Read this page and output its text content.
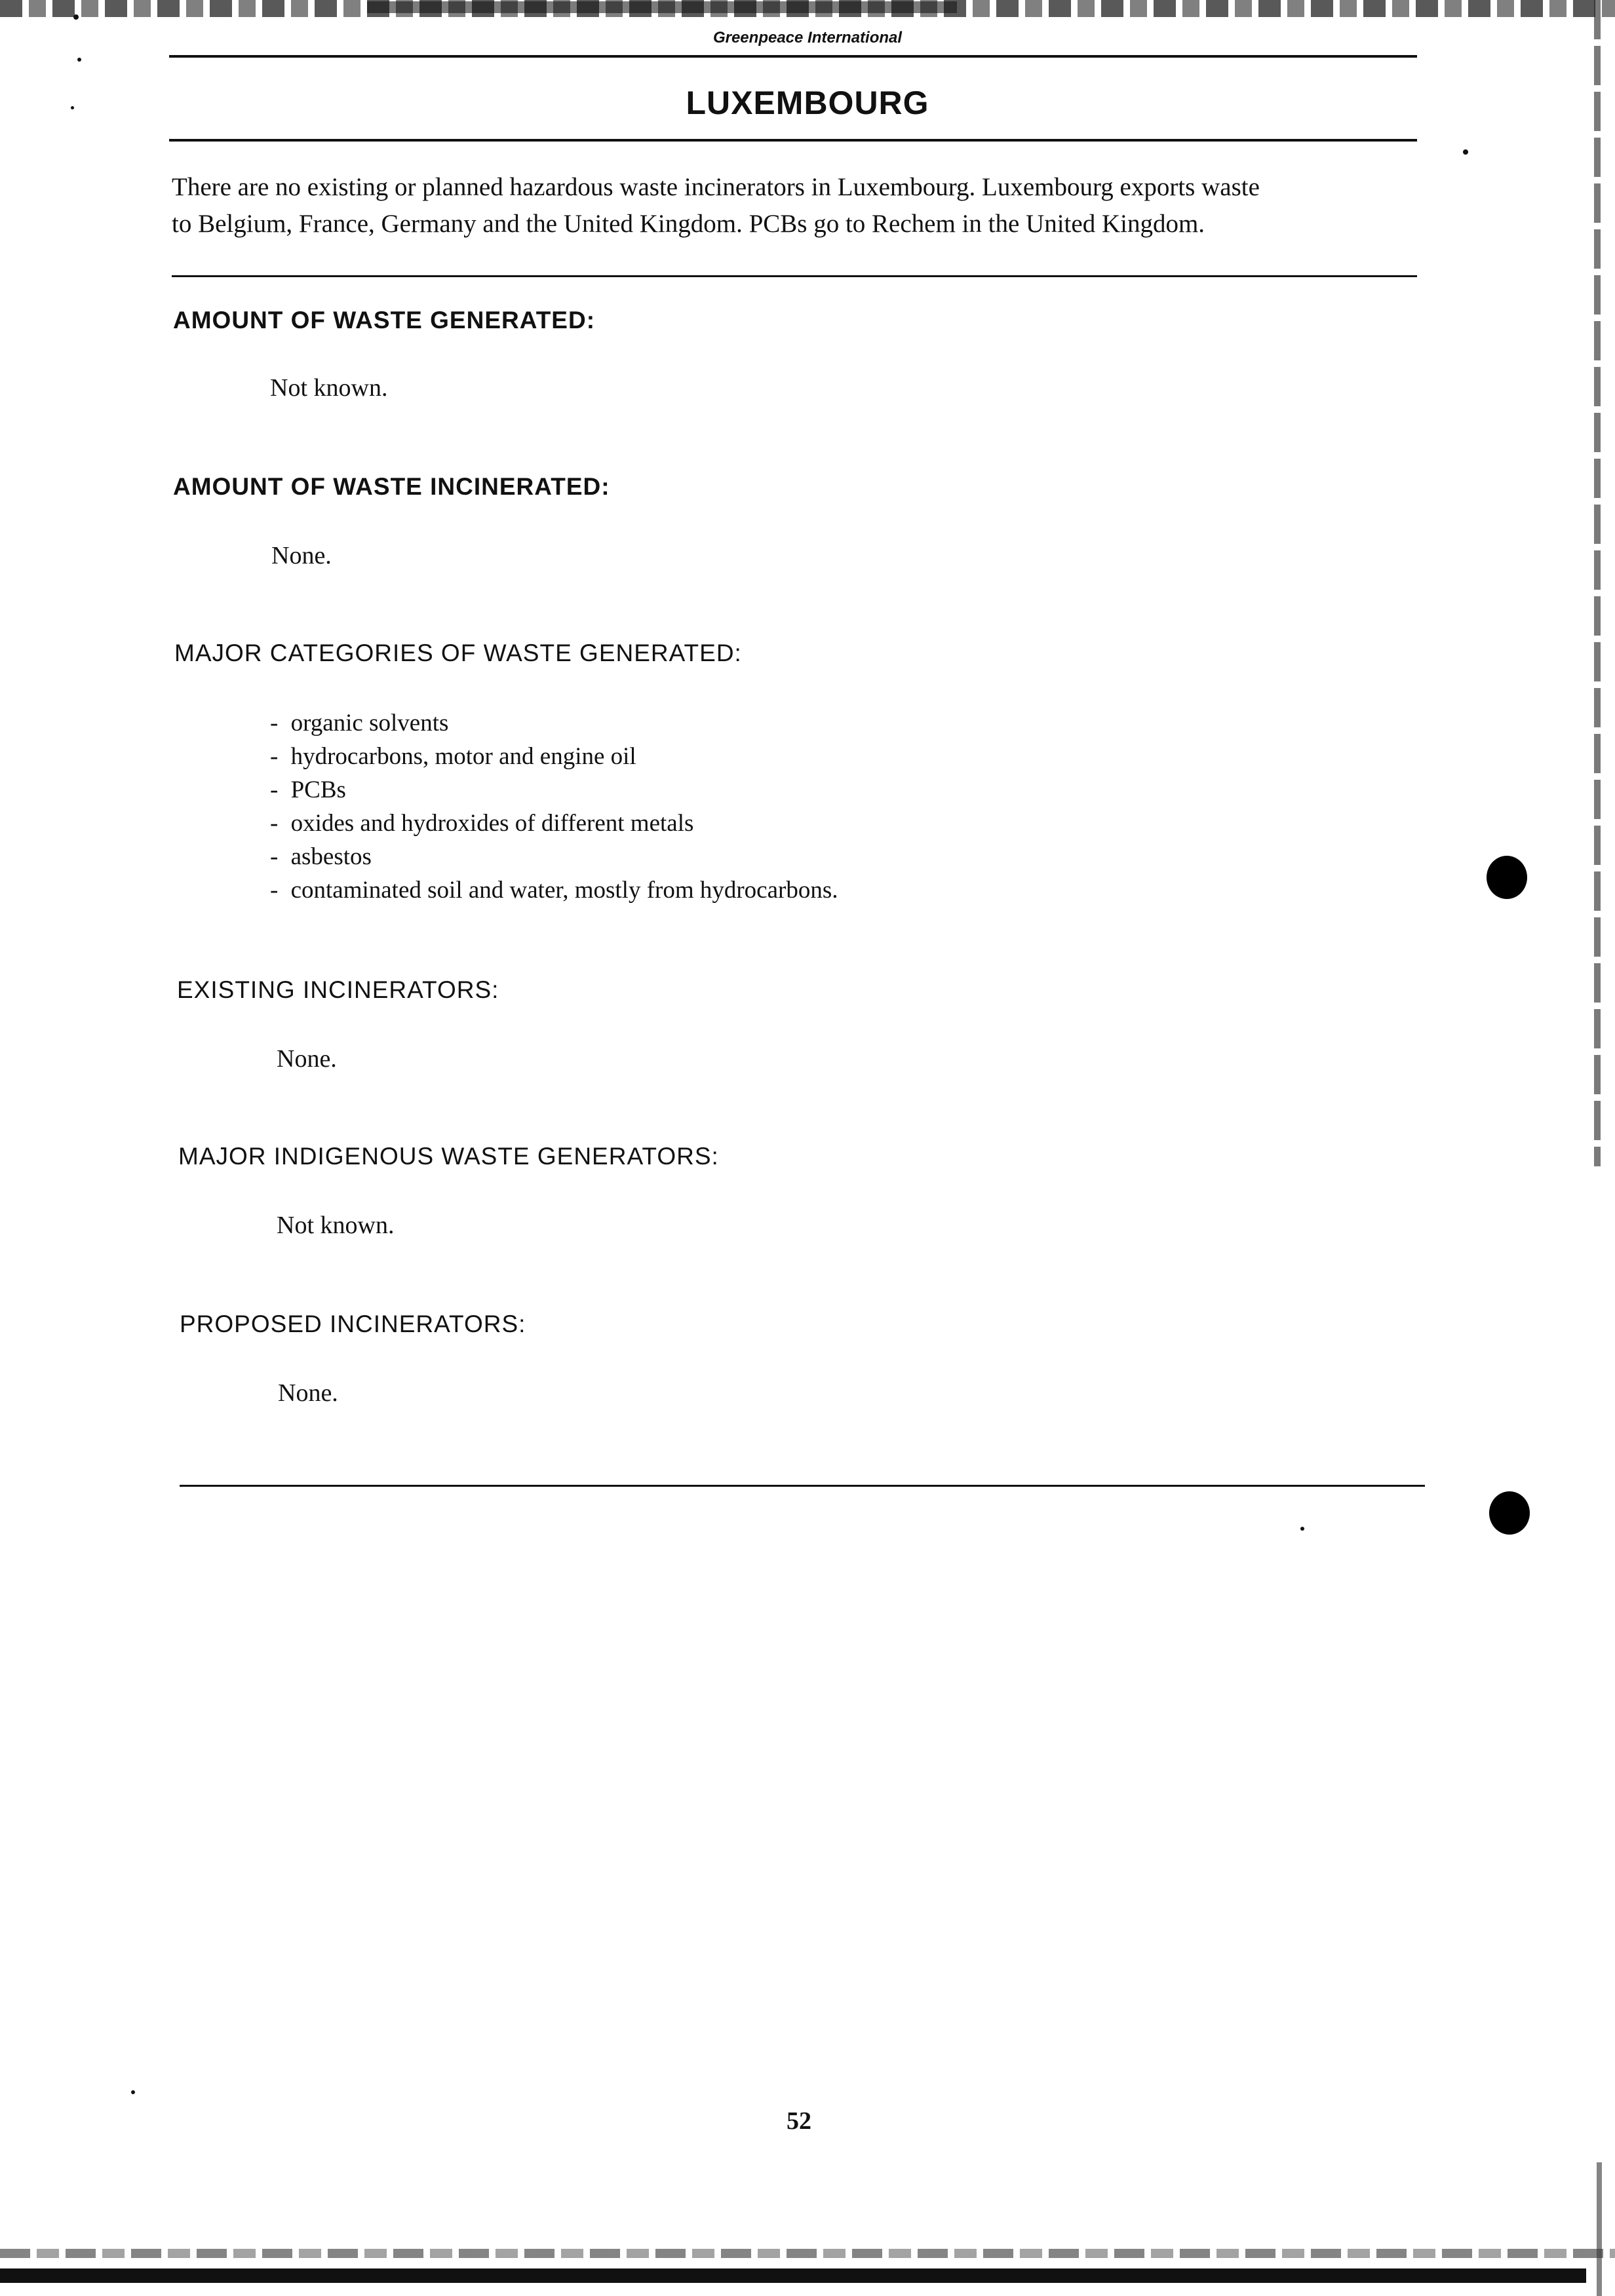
Greenpeace International
LUXEMBOURG

There are no existing or planned hazardous waste incinerators in Luxembourg. Luxembourg exports waste

to Belgium, France, Germany and the United Kingdom. PCBs go to Rechem in the United Kingdom.

AMOUNT OF WASTE GENERATED:
Not known.
AMOUNT OF WASTE INCINERATED:
None.
MAJOR CATEGORIES OF WASTE GENERATED:
- organic solvents
- hydrocarbons, motor and engine oil
- PCBs
- oxides and hydroxides of different metals
- asbestos
- contaminated soil and water, mostly from hydrocarbons.
EXISTING INCINERATORS:
None.
MAJOR INDIGENOUS WASTE GENERATORS:
Not known.
PROPOSED INCINERATORS:
None.
52
